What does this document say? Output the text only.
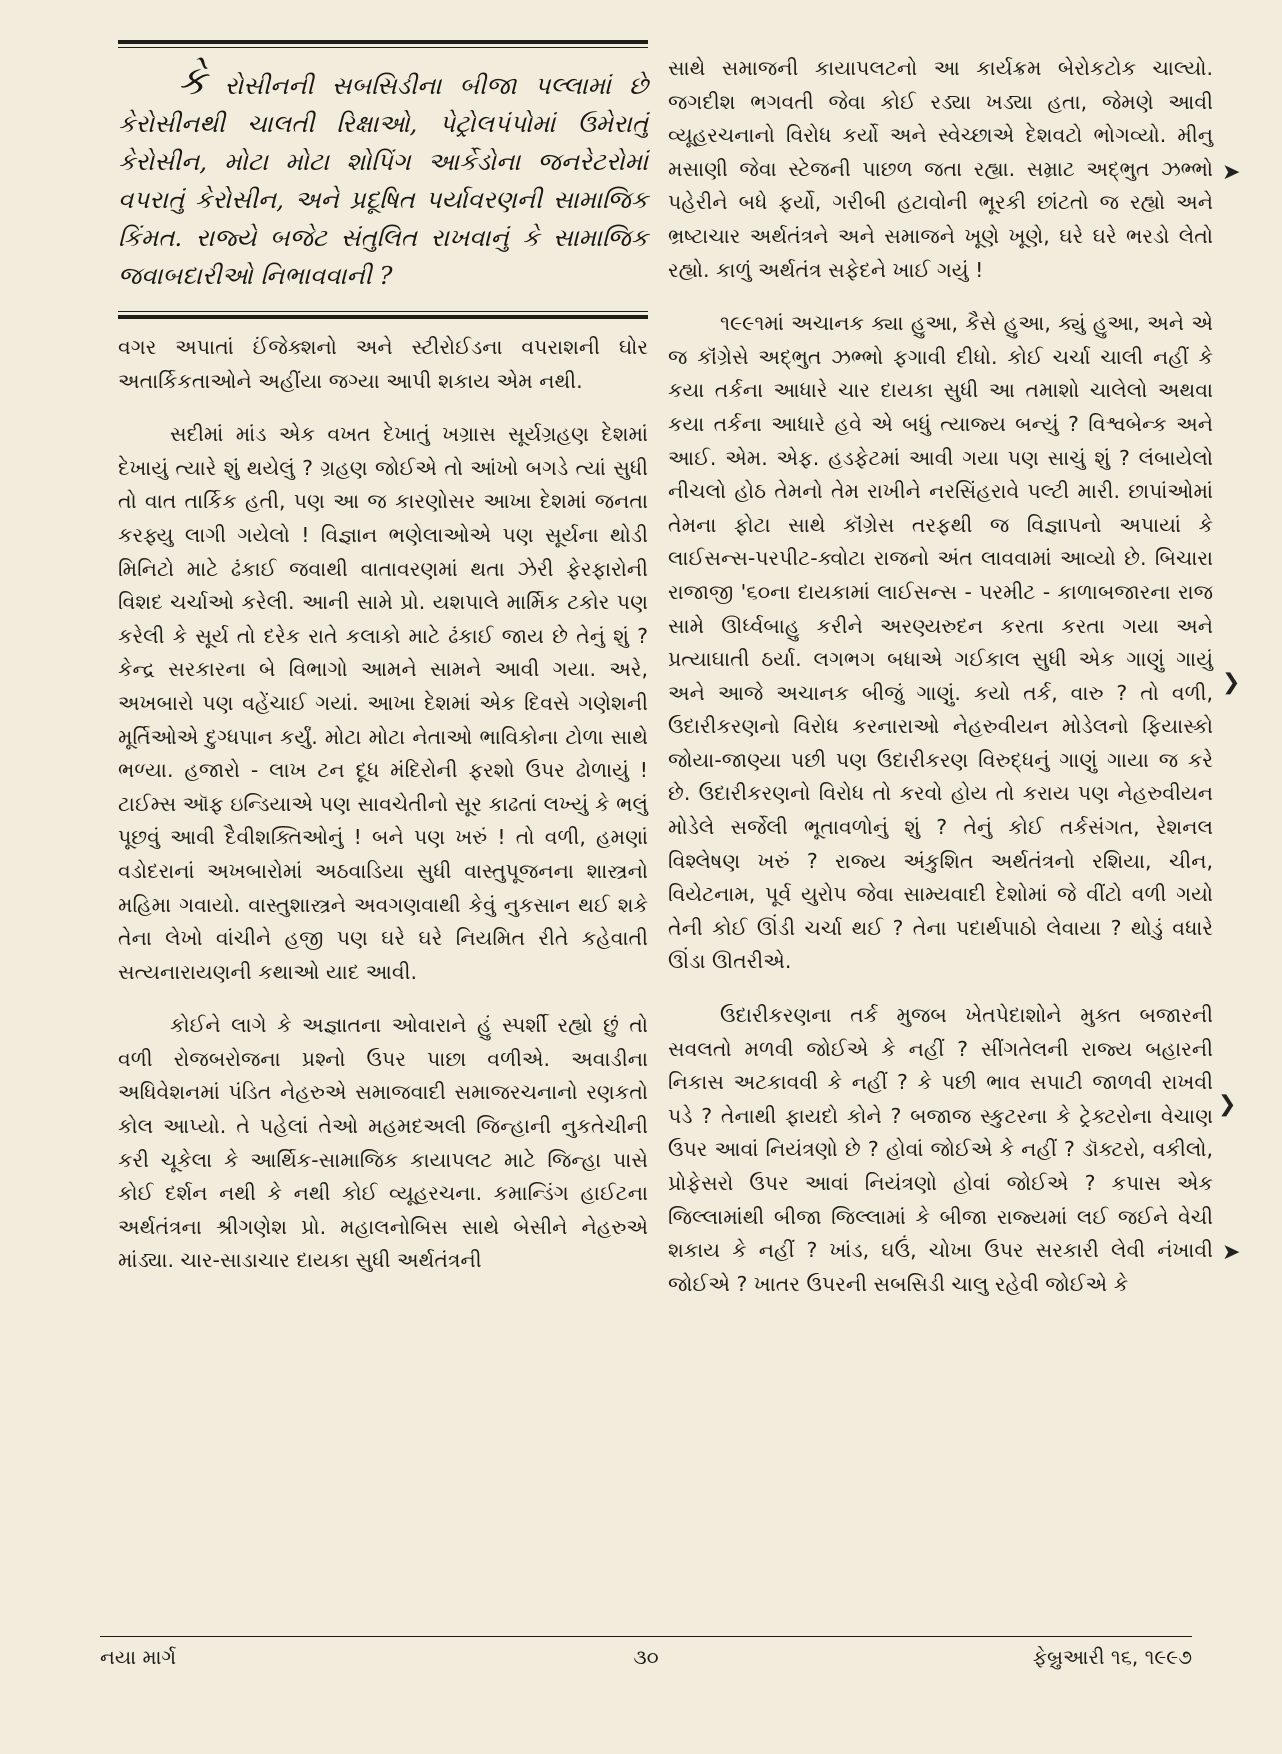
કે રોસીનની સબસિડીના બીજા પલ્લામાં છે કેરોસીનથી ચાલતી રિક્ષાઓ, પેટ્રોલપંપોમાં ઉમેરાતું કેરોસીન, મોટા મોટા શોપિંગ આર્કેડોના જનરેટરોમાં વપરાતું કેરોસીન, અને પ્રદૂષિત પર્યાવરણની સામાજિક કિંમત. રાજ્યે બજેટ સંતુલિત રાખવાનું કે સામાજિક જવાબદારીઓ નિભાવવાની ?

વગર અપાતાં ઈંજેક્શનો અને સ્ટીરોઈડના વપરાશની ઘોર અતાર્કિકતાઓને અહીંયા જગ્યા આપી શકાય એમ નથી.

સદીમાં માંડ એક વખત દેખાતું ખગ્રાસ સૂર્યગ્રહણ દેશમાં દેખાયું ત્યારે શું થયેલું ? ગ્રહણ જોઈએ તો આંખો બગડે ત્યાં સુધી તો વાત તાર્કિક હતી, પણ આ જ કારણોસર આખા દેશમાં જનતા કરફ્યુ લાગી ગયેલો ! વિજ્ઞાન ભણેલાઓએ પણ સૂર્યના થોડી મિનિટો માટે ઢંકાઈ જવાથી વાતાવરણમાં થતા ઝેરી ફેરફારોની વિશદ ચર્ચાઓ કરેલી. આની સામે પ્રો. યશપાલે માર્મિક ટકોર પણ કરેલી કે સૂર્ય તો દરેક રાતે કલાકો માટે ઢંકાઈ જાય છે તેનું શું ? કેન્દ્ર સરકારના બે વિભાગો આમને સામને આવી ગયા. અરે, અખબારો પણ વહેંચાઈ ગયાં. આખા દેશમાં એક દિવસે ગણેશની મૂર્તિઓએ દુગ્ધપાન કર્યું. મોટા મોટા નેતાઓ ભાવિકોના ટોળા સાથે ભળ્યા. હજારો - લાખ ટન દૂધ મંદિરોની ફરશો ઉપર ઢોળાયું ! ટાઈમ્સ ઑફ ઇન્ડિયાએ પણ સાવચેતીનો સૂર કાઢતાં લખ્યું કે ભલું પૂછવું આવી દૈવીશક્તિઓનું ! બને પણ ખરું ! તો વળી, હમણાં વડોદરાનાં અખબારોમાં અઠવાડિયા સુધી વાસ્તુપૂજનના શાસ્ત્રનો મહિમા ગવાયો. વાસ્તુશાસ્ત્રને અવગણવાથી કેવું નુકસાન થઈ શકે તેના લેખો વાંચીને હજી પણ ઘરે ઘરે નિયમિત રીતે કહેવાતી સત્યનારાયણની કથાઓ યાદ આવી.

કોઈને લાગે કે અજ્ઞાતના ઓવારાને હું સ્પર્શી રહ્યો છું તો વળી રોજબરોજના પ્રશ્નો ઉપર પાછા વળીએ. અવાડીના અધિવેશનમાં પંડિત નેહરુએ સમાજવાદી સમાજરચનાનો રણકતો કોલ આપ્યો. તે પહેલાં તેઓ મહમદઅલી જિન્હાની નુકતેચીની કરી ચૂકેલા કે આર્થિક-સામાજિક કાયાપલટ માટે જિન્હા પાસે કોઈ દર્શન નથી કે નથી કોઈ વ્યૂહરચના. કમાન્ડિંગ હાઈટના અર્થતંત્રના શ્રીગણેશ પ્રો. મહાલનોબિસ સાથે બેસીને નેહરુએ માંડ્યા. ચાર-સાડાચાર દાયકા સુધી અર્થતંત્રની

સાથે સમાજની કાયાપલટનો આ કાર્યક્રમ બેરોકટોક ચાલ્યો. જગદીશ ભગવતી જેવા કોઈ રડ્યા ખડ્યા હતા, જેમણે આવી વ્યૂહરચનાનો વિરોધ કર્યો અને સ્વેચ્છાએ દેશવટો ભોગવ્યો. મીનુ મસાણી જેવા સ્ટેજની પાછળ જતા રહ્યા. સમ્રાટ અદ્ભુત ઝભ્ભો પહેરીને બધે ફર્યો, ગરીબી હટાવોની ભૂરકી છાંટતો જ રહ્યો અને ભ્રષ્ટાચાર અર્થતંત્રને અને સમાજને ખૂણે ખૂણે, ઘરે ઘરે ભરડો લેતો રહ્યો. કાળું અર્થતંત્ર સફેદને ખાઈ ગયું !

૧૯૯૧માં અચાનક ક્યા હુઆ, કૈસે હુઆ, ક્યું હુઆ, અને એ જ કૉંગ્રેસે અદ્ભુત ઝભ્ભો ફગાવી દીધો. કોઈ ચર્ચા ચાલી નહીં કે કયા તર્કના આધારે ચાર દાયકા સુધી આ તમાશો ચાલેલો અથવા કયા તર્કના આધારે હવે એ બધું ત્યાજ્ય બન્યું ? વિશ્વબેન્ક અને આઈ. એમ. એફ. હડફેટમાં આવી ગયા પણ સાચું શું ? લંબાયેલો નીચલો હોઠ તેમનો તેમ રાખીને નરસિંહરાવે પલ્ટી મારી. છાપાંઓમાં તેમના ફોટા સાથે કૉંગ્રેસ તરફથી જ વિજ્ઞાપનો અપાયાં કે લાઈસન્સ-પરપીટ-ક્વોટા રાજનો અંત લાવવામાં આવ્યો છે. બિચારા રાજાજી '૬૦ના દાયકામાં લાઈસન્સ - પરમીટ - કાળાબજારના રાજ સામે ઊર્ધ્વબાહુ કરીને અરણ્યરુદન કરતા કરતા ગયા અને પ્રત્યાઘાતી ઠર્યા. લગભગ બધાએ ગઈકાલ સુધી એક ગાણું ગાયું અને આજે અચાનક બીજું ગાણું. કયો તર્ક, વારુ ? તો વળી, ઉદારીકરણનો વિરોધ કરનારાઓ નેહરુવીયન મોડેલનો ફિયાસ્કો જોયા-જાણ્યા પછી પણ ઉદારીકરણ વિરુદ્ધનું ગાણું ગાયા જ કરે છે. ઉદારીકરણનો વિરોધ તો કરવો હોય તો કરાય પણ નેહરુવીયન મોડેલે સર્જેલી ભૂતાવળોનું શું ? તેનું કોઈ તર્કસંગત, રેશનલ વિશ્લેષણ ખરું ? રાજ્ય અંકુશિત અર્થતંત્રનો રશિયા, ચીન, વિયેટનામ, પૂર્વ યુરોપ જેવા સામ્યવાદી દેશોમાં જે વીંટો વળી ગયો તેની કોઈ ઊંડી ચર્ચા થઈ ? તેના પદાર્થપાઠો લેવાયા ? થોડું વધારે ઊંડા ઊતરીએ.

ઉદારીકરણના તર્ક મુજબ ખેતપેદાશોને મુક્ત બજારની સવલતો મળવી જોઈએ કે નહીં ? સીંગતેલની રાજ્ય બહારની નિકાસ અટકાવવી કે નહીં ? કે પછી ભાવ સપાટી જાળવી રાખવી પડે ? તેનાથી ફાયદો કોને ? બજાજ સ્કુટરના કે ટ્રેક્ટરોના વેચાણ ઉપર આવાં નિયંત્રણો છે ? હોવાં જોઈએ કે નહીં ? ડૉક્ટરો, વકીલો, પ્રોફેસરો ઉપર આવાં નિયંત્રણો હોવાં જોઈએ ? કપાસ એક જિલ્લામાંથી બીજા જિલ્લામાં કે બીજા રાજ્યમાં લઈ જઈને વેચી શકાય કે નહીં ? ખાંડ, ઘઉં, ચોખા ઉપર સરકારી લેવી નંખાવી જોઈએ ? ખાતર ઉપરની સબસિડી ચાલુ રહેવી જોઈએ કે

➤
❯
❯
➤
નયા માર્ગ	૩૦	ફેબ્રુઆરી ૧૬, ૧૯૯૭
